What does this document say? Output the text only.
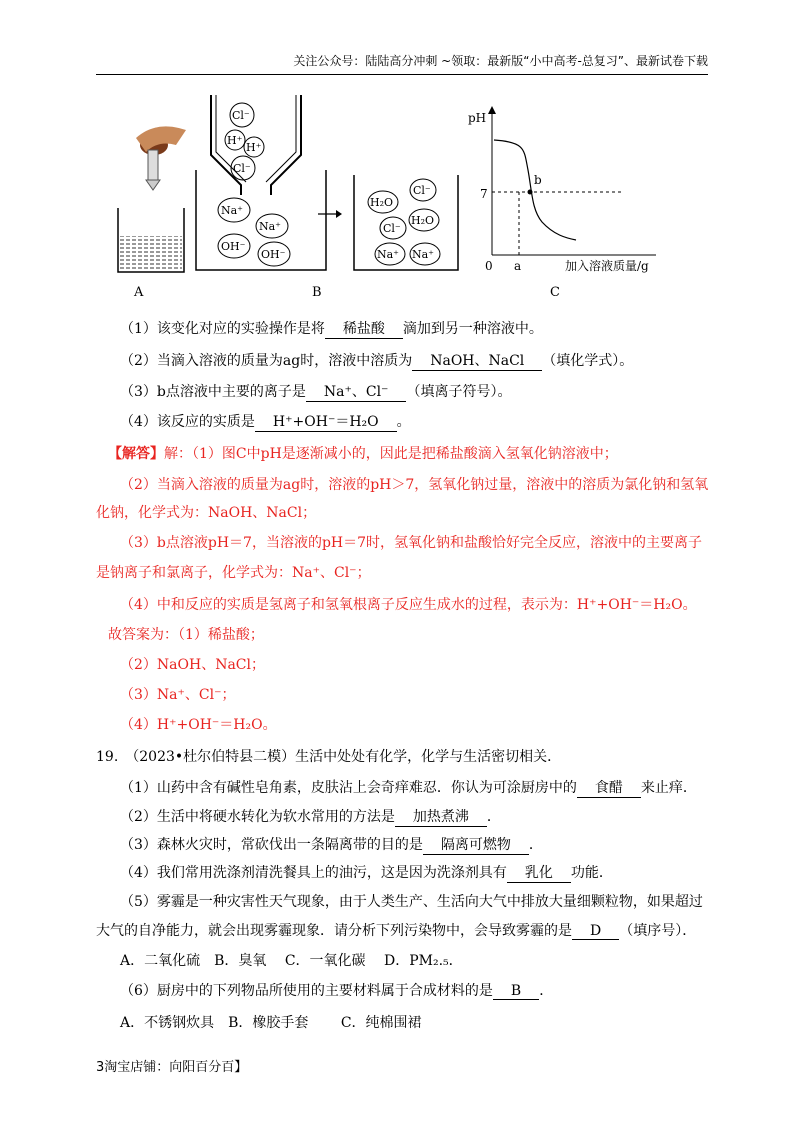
关注公众号：陆陆高分冲刺 ~领取：最新版“小中高考-总复习”、最新试卷下载
A
Cl⁻
H⁺
H⁺
Cl⁻
Na⁺
Na⁺
OH⁻
OH⁻
B
H₂O
Cl⁻
Cl⁻
H₂O
Na⁺ Na⁺
pH
7
b
0 a	加入溶液质量/g
C
（1）该变化对应的实验操作是将 稀盐酸 滴加到另一种溶液中。
（2）当滴入溶液的质量为ag时，溶液中溶质为 NaOH、NaCl （填化学式）。
（3）b点溶液中主要的离子是 Na⁺、Cl⁻ （填离子符号）。
（4）该反应的实质是 H⁺+OH⁻＝H₂O 。
【解答】解：（1）图C中pH是逐渐减小的，因此是把稀盐酸滴入氢氧化钠溶液中；
（2）当滴入溶液的质量为ag时，溶液的pH＞7，氢氧化钠过量，溶液中的溶质为氯化钠和氢氧
化钠，化学式为：NaOH、NaCl；
（3）b点溶液pH＝7，当溶液的pH＝7时，氢氧化钠和盐酸恰好完全反应，溶液中的主要离子
是钠离子和氯离子，化学式为：Na⁺、Cl⁻；
（4）中和反应的实质是氢离子和氢氧根离子反应生成水的过程，表示为：H⁺+OH⁻＝H₂O。
故答案为：（1）稀盐酸；
（2）NaOH、NaCl；
（3）Na⁺、Cl⁻；
（4）H⁺+OH⁻＝H₂O。
19.　（2023•杜尔伯特县二模）生活中处处有化学，化学与生活密切相关．
（1）山药中含有碱性皂角素，皮肤沾上会奇痒难忍．你认为可涂厨房中的 食醋 来止痒．
（2）生活中将硬水转化为软水常用的方法是 加热煮沸 ．
（3）森林火灾时，常砍伐出一条隔离带的目的是 隔离可燃物 ．
（4）我们常用洗涤剂清洗餐具上的油污，这是因为洗涤剂具有 乳化 功能．
（5）雾霾是一种灾害性天气现象，由于人类生产、生活向大气中排放大量细颗粒物，如果超过
大气的自净能力，就会出现雾霾现象．请分析下列污染物中，会导致雾霾的是 D （填序号）．
A．二氧化硫　B．臭氧　 C．一氧化碳　 D．PM₂.₅．
（6）厨房中的下列物品所使用的主要材料属于合成材料的是 B ．
A．不锈钢炊具　B．橡胶手套　　 C．纯棉围裙
3淘宝店铺：向阳百分百】
